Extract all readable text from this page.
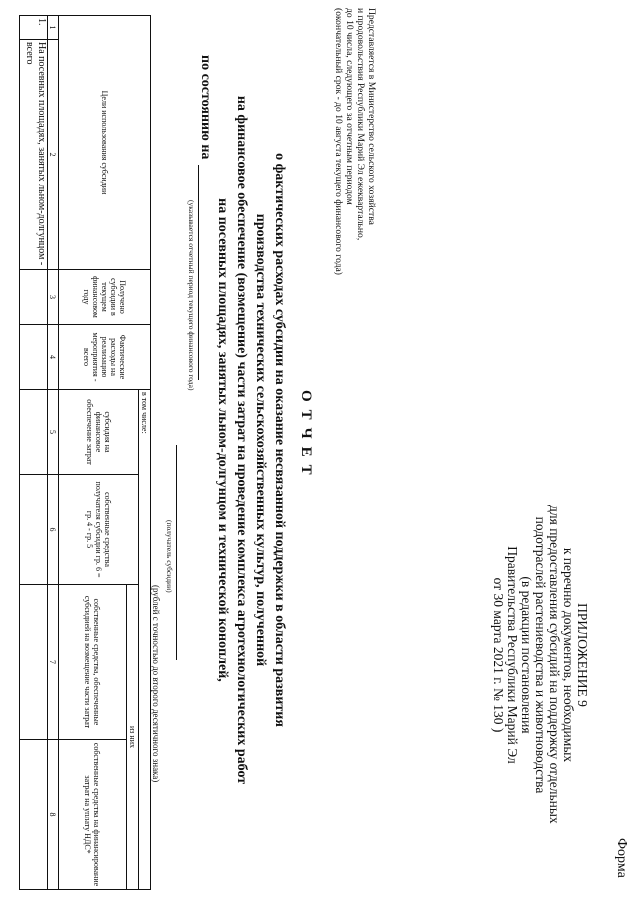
Форма
ПРИЛОЖЕНИЕ 9
к перечню документов, необходимых
для предоставления субсидий на поддержку отдельных
подотраслей растениеводства и животноводства
(в редакции постановления
Правительства Республики Марий Эл
от 30 марта 2021 г. № 130 )
Представляется в Министерство сельского хозяйства
и продовольствия Республики Марий Эл ежеквартально,
до 10 числа, следующего за отчетным периодом
(окончательный срок - до 10 августа текущего финансового года)
ОТЧЕТ
о фактических расходах субсидии на оказание несвязанной поддержки в области развития
производства технических сельскохозяйственных культур, полученной
на финансовое обеспечение (возмещение) части затрат на проведение комплекса агротехнологических работ
на посевных площадях, занятых льном-долгунцом и технической коноплей,
по состоянию на
(указывается отчетный период текущего финансового года)
(получатель субсидии)
(рублей с точностью до второго десятичного знака)
Цели использования субсидии		Получено субсидии в текущем финансовом году	Фактические расходы на реализацию мероприятия - всего	в том числе:			
				субсидия на финансовое обеспечение затрат	собственные средства получателя субсидии гр. 6 = гр. 4 - гр. 5	из них	
						собственные средства, обеспеченные субсидией на возмещение части затрат	собственные средства на финансирование затрат на уплату НДС*
1	2	3	4	5	6	7	8
1.	На посевных площадях, занятых льном-долгунцом - всего						
